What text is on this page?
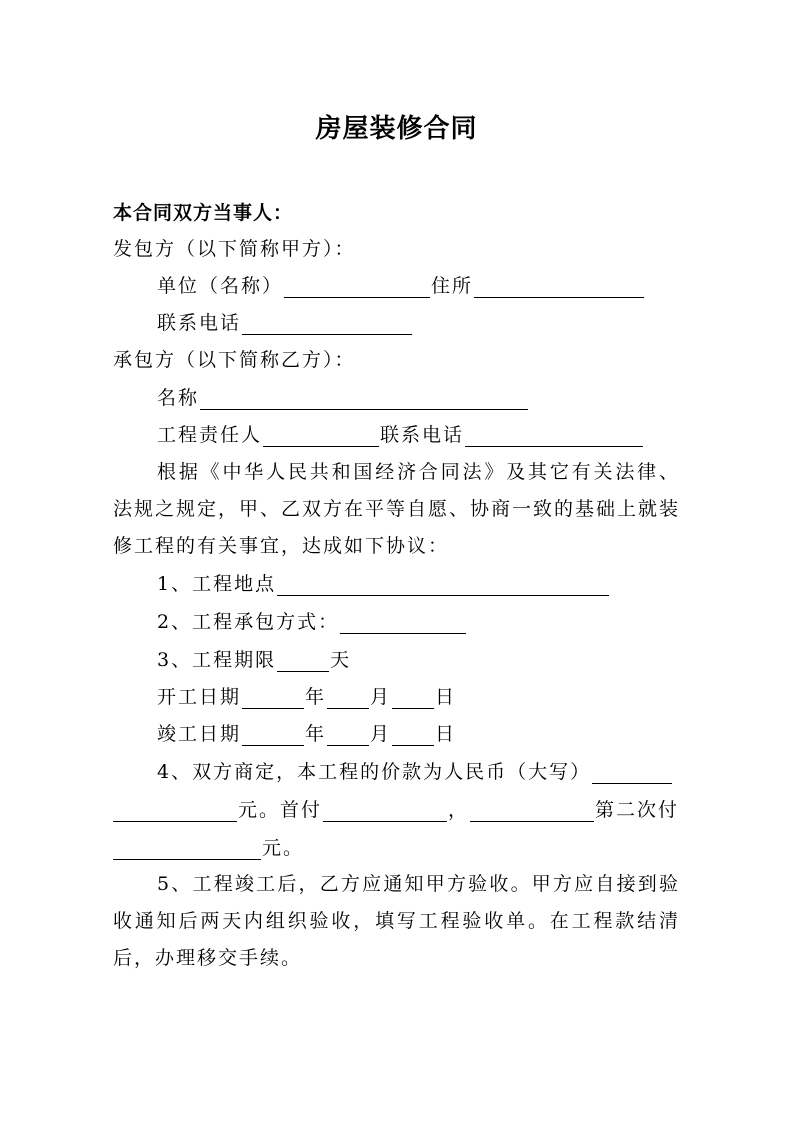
房屋装修合同
本合同双方当事人：
发包方（以下简称甲方）：
单位（名称）	住所
联系电话
承包方（以下简称乙方）：
名称
工程责任人	联系电话
根据《中华人民共和国经济合同法》及其它有关法律、法规之规定，甲、乙双方在平等自愿、协商一致的基础上就装修工程的有关事宜，达成如下协议：
1、工程地点
2、工程承包方式：
3、工程期限	天
开工日期	年 月 日
竣工日期	年 月 日
4、双方商定，本工程的价款为人民币（大写）
元。首付	，	第二次付
元。
5、工程竣工后，乙方应通知甲方验收。甲方应自接到验收通知后两天内组织验收，填写工程验收单。在工程款结清后，办理移交手续。
